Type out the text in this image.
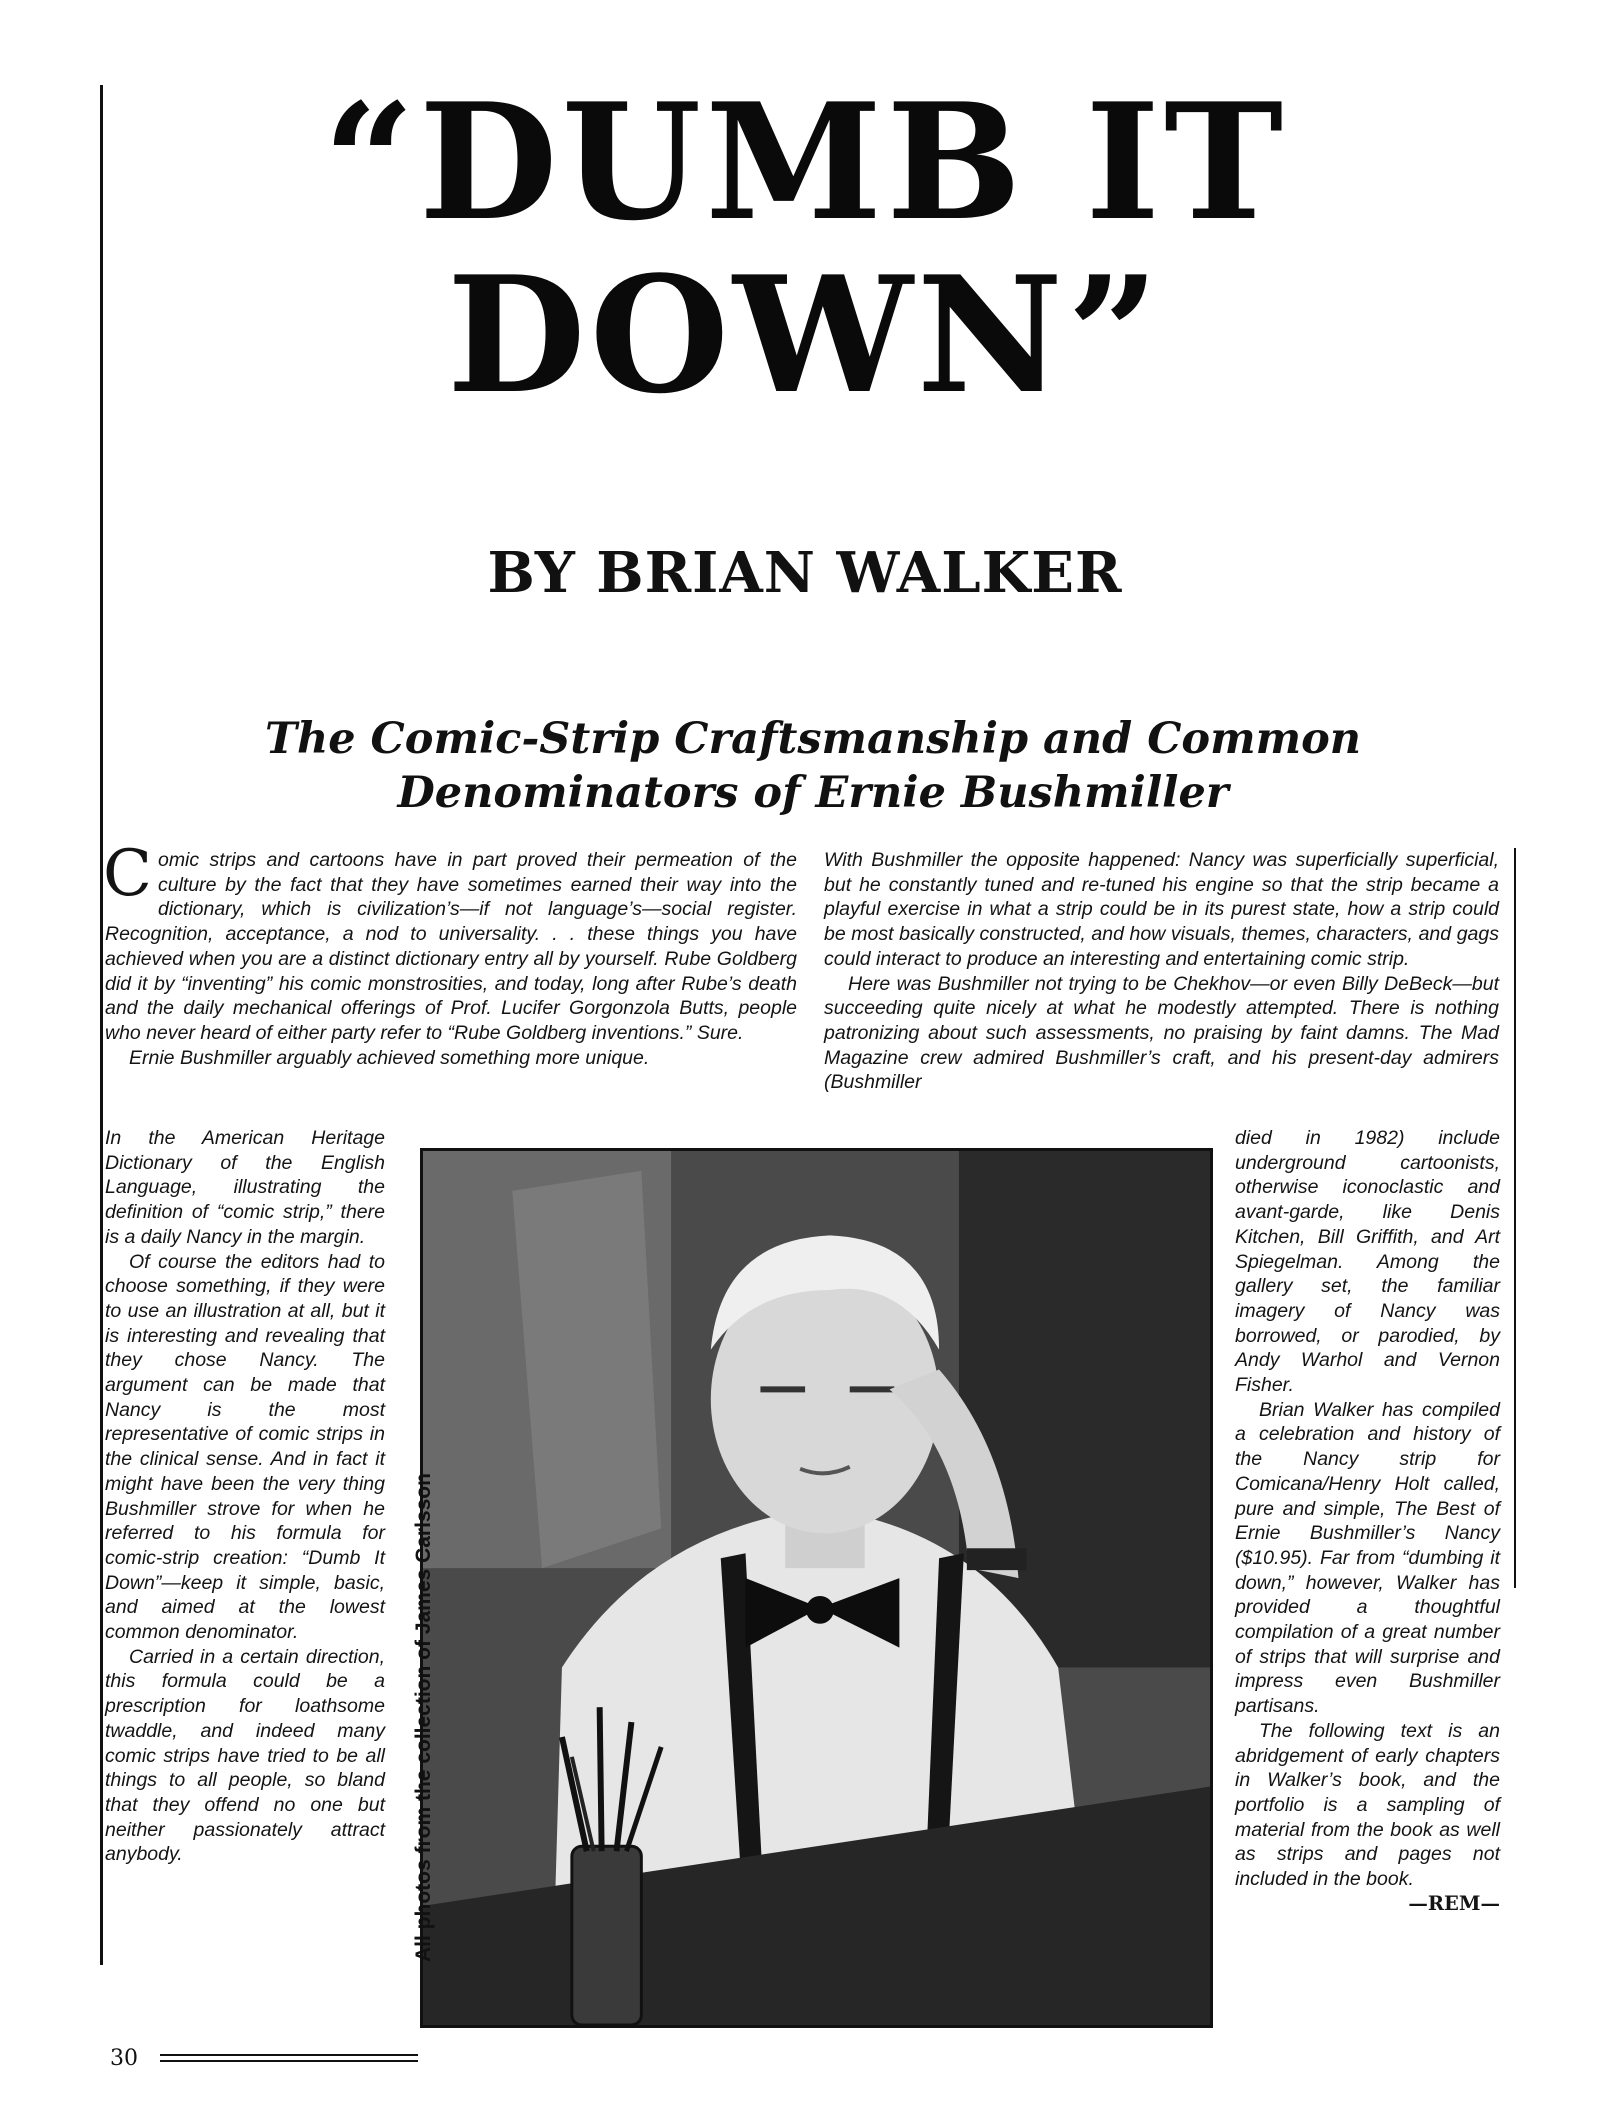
“DUMB IT
DOWN”
BY BRIAN WALKER
The Comic-Strip Craftsmanship and Common
Denominators of Ernie Bushmiller

Comic strips and cartoons have in part proved their permeation of the culture by the fact that they have sometimes earned their way into the dictionary, which is civilization’s—if not language’s—social register. Recognition, acceptance, a nod to universality. . . these things you have achieved when you are a distinct dictionary entry all by yourself. Rube Goldberg did it by “inventing” his comic monstrosities, and today, long after Rube’s death and the daily mechanical offerings of Prof. Lucifer Gorgonzola Butts, people who never heard of either party refer to “Rube Goldberg inventions.” Sure.

Ernie Bushmiller arguably achieved something more unique.

In the American Heritage Dictionary of the English Language, illustrating the definition of “comic strip,” there is a daily Nancy in the margin.

Of course the editors had to choose something, if they were to use an illustration at all, but it is interesting and revealing that they chose Nancy. The argument can be made that Nancy is the most representative of comic strips in the clinical sense. And in fact it might have been the very thing Bushmiller strove for when he referred to his formula for comic-strip creation: “Dumb It Down”—keep it simple, basic, and aimed at the lowest common denominator.

Carried in a certain direction, this formula could be a prescription for loathsome twaddle, and indeed many comic strips have tried to be all things to all people, so bland that they offend no one but neither passionately attract anybody.

With Bushmiller the opposite happened: Nancy was superficially superficial, but he constantly tuned and re-tuned his engine so that the strip became a playful exercise in what a strip could be in its purest state, how a strip could be most basically constructed, and how visuals, themes, characters, and gags could interact to produce an interesting and entertaining comic strip.

Here was Bushmiller not trying to be Chekhov—or even Billy DeBeck—but succeeding quite nicely at what he modestly attempted. There is nothing patronizing about such assessments, no praising by faint damns. The Mad Magazine crew admired Bushmiller’s craft, and his present-day admirers (Bushmiller

died in 1982) include underground cartoonists, otherwise iconoclastic and avant-garde, like Denis Kitchen, Bill Griffith, and Art Spiegelman. Among the gallery set, the familiar imagery of Nancy was borrowed, or parodied, by Andy Warhol and Vernon Fisher.

Brian Walker has compiled a celebration and history of the Nancy strip for Comicana/Henry Holt called, pure and simple, The Best of Ernie Bushmiller’s Nancy ($10.95). Far from “dumbing it down,” however, Walker has provided a thoughtful compilation of a great number of strips that will surprise and impress even Bushmiller partisans.

The following text is an abridgement of early chapters in Walker’s book, and the portfolio is a sampling of material from the book as well as strips and pages not included in the book.

—REM—

All photos from the collection of James Carlsson

30
